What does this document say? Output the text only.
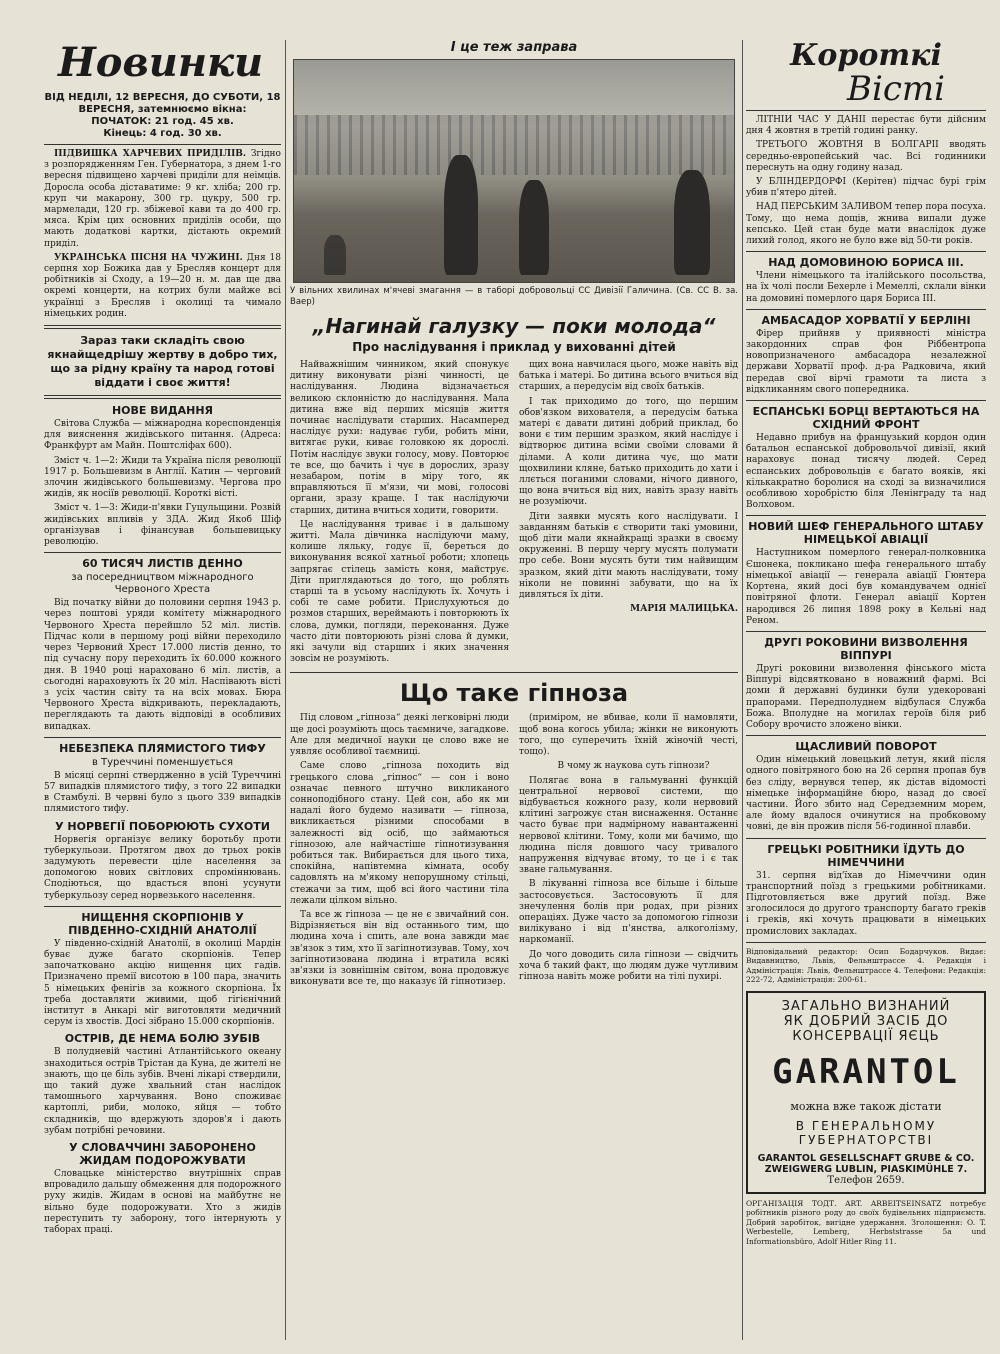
Новинки
ВІД НЕДІЛІ, 12 ВЕРЕСНЯ, ДО СУБОТИ, 18 ВЕРЕСНЯ, затемнюємо вікна:
ПОЧАТОК: 21 год. 45 хв.
Кінець: 4 год. 30 хв.

ПІДВИШКА ХАРЧЕВИХ ПРИДІЛІВ. Згідно з розпорядженням Ген. Губернатора, з днем 1-го вересня підвищено харчеві приділи для неімців. Дорослa особа діставатиме: 9 кг. хліба; 200 гр. круп чи макарону, 300 гр. цукру, 500 гр. мармелади, 120 гр. збіжевої кави та до 400 гр. мяса. Крім цих основних приділів особи, що мають додаткові картки, дістають окремий приділ.

УКРАЇНСЬКА ПІСНЯ НА ЧУЖИНІ. Дня 18 серпня хор Божика дав у Бресляв концерт для робітників зі Сходу, а 19—20 н. м. дав ще два окремі концерти, на котрих були майже всі українці з Бресляв і околиці та чимало німецьких родин.

Зараз таки складіть свою якнайщедрішу жертву в добро тих, що за рідну країну та народ готові віддати і своє життя!
НОВЕ ВИДАННЯ

Світова Служба — міжнародна кореспонденція для вияснення жидівського питання. (Адреса: Франкфурт ам Майн. Поштсліфах 600).

Зміст ч. 1—2: Жиди та Україна після революції 1917 р. Большевизм в Англії. Катин — черговий злочин жидівського большевизму. Чергова про жидів, як носіїв революції. Короткі вісті.

Зміст ч. 1—3: Жиди-п'явки Гуцульщини. Розвій жидівських впливів у ЗДА. Жид Якоб Шіф організував і фінансував большевицьку революцію.

60 ТИСЯЧ ЛИСТІВ ДЕННО
за посередництвом міжнародного Червоного Хреста

Від початку війни до половини серпня 1943 р. через поштові уряди комітету міжнародного Червоного Хреста перейшло 52 міл. листів. Підчас коли в першому році війни переходило через Червоний Хрест 17.000 листів денно, то під сучасну пору переходить їх 60.000 кожного дня. В 1940 році нараховано 6 міл. листів, а сьогодні нараховують їх 20 міл. Наспівають вісті з усіх частин світу та на всіх мовах. Бюра Червоного Хреста відкривають, перекладають, переглядають та дають відповіді в особливих випадках.

НЕБЕЗПЕКА ПЛЯМИСТОГО ТИФУ
в Туреччині поменшується

В місяці серпні ствердженно в усій Туреччині 57 випадків плямистого тифу, з того 22 випадки в Стамбулі. В червні було з цього 339 випадків плямистого тифу.

У НОРВЕГІЇ ПОБОРЮЮТЬ СУХОТИ

Норвегія організує велику боротьбу проти туберкульози. Протягом двох до трьох років задумують перевести ціле населення за допомогою нових світлових спроміннювань. Сподіються, що вдасться впоні усунути туберкульозу серед норвезького населення.

НИЩЕННЯ СКОРПІОНІВ У ПІВДЕННО-СХІДНІЙ АНАТОЛІЇ

У південно-східній Анатолії, в околиці Мардін буває дуже багато скорпіонів. Тепер започатковано акцію нищення цих гадів. Призначено премії висотою в 100 пара, значить 5 німецьких фенігів за кожного скорпіона. Їх треба доставляти живими, щоб гігієнічний інститут в Анкарі міг виготовляти медичний серум із хвостів. Досі зібрано 15.000 скорпіонів.

ОСТРІВ, ДЕ НЕМА БОЛЮ ЗУБІВ

В полудневій частині Атлантійського океану знаходиться острів Трістан да Куна, де жителі не знають, що це біль зубів. Вчені лікарі ствердили, що такий дуже хвальний стан наслідок тамошнього харчування. Воно споживає картоплі, риби, молоко, яйця — тобто складників, що вдержують здоров'я і дають зубам потрібні речовини.

У СЛОВАЧЧИНІ ЗАБОРОНЕНО ЖИДАМ ПОДОРОЖУВАТИ

Словацьке міністерство внутрішніх справ впровадило дальшу обмеження для подорожного руху жидів. Жидам в основі на майбутнє не вільно буде подорожувати. Хто з жидів переступить ту заборону, того інтернують у таборах праці.

І це теж заправа
У вільних хвилинах м'ячеві змагання — в таборі добровольці СС Дивізії Галичина. (Св. СС В. за. Ваер)
„Нагинай галузку — поки молода“
Про наслідування і приклад у вихованні дітей

Найважнішим чинником, який спонукує дитину виконувати різні чинності, це наслідування. Людина відзначається великою склонністю до наслідування. Мала дитина вже від перших місяців життя починає наслідувати старших. Насамперед наслідує рухи: надуває губи, робить міни, витягає руки, киває головкою як дорослі. Потім наслідує звуки голосу, мову. Повторює те все, що бачить і чує в дорослих, зразу незабаром, потім в міру того, як вправляються її м'язи, чи мові, голосові органи, зразу краще. І так наслідуючи старших, дитина вчиться ходити, говорити.

Це наслідування триває і в дальшому житті. Мала дівчинка наслідуючи маму, колише ляльку, годує її, береться до виконування всякої хатньої роботи; хлопець запрягає стілець замість коня, майструє. Діти приглядаються до того, що роблять старші та в усьому наслідують їх. Хочуть і собі те саме робити. Прислухуються до розмов старших, вереймають і повторюють їх слова, думки, погляди, переконання. Дуже часто діти повторюють різні слова й думки, які зачули від старших і яких значення зовсім не розуміють.

щих вона навчилася цього, може навіть від батька і матері. Бо дитина всього вчиться від старших, а передусім від своїх батьків.

І так приходимо до того, що першим обов'язком вихователя, а передусім батька матері є давати дитині добрий приклад, бо вони є тим першим зразком, який наслідує і відтворює дитина всіми своїми словами й ділами. А коли дитина чує, що мати щохвилини кляне, батько приходить до хати і ллється поганими словами, нічого дивного, що вона вчиться від них, навіть зразу навіть не розуміючи.

Діти заявки мусять кого наслідувати. І завданням батьків є створити такі умовини, щоб діти мали якнайкращі зразки в своєму окруженні. В першу чергу мусять полумати про себе. Вони мусять бути тим найвищим зразком, який діти мають наслідувати, тому ніколи не повинні забувати, що на їх дивляться їх діти.

МАРІЯ МАЛИЦЬКА.
Що таке гіпноза

Під словом „гіпноза“ деякі легковірні люди ще досі розуміють щось таємниче, загадкове. Але для медичної науки це слово вже не уявляє особливої таємниці.

Саме слово „гіпноза походить від грецького слова „гіпнос“ — сон і воно означає певного штучно викликаного сонноподібного стану. Цей сон, або як ми надалі його будемо називати — гіпноза, викликається різними способами в залежності від осіб, що займаються гіпнозою, але найчастіше гіпнотизування робиться так. Вибирається для цього тиха, спокійна, напівтемна кімната, особу садовлять на м'якому непорушному стільці, стежачи за тим, щоб всі його частини тіла лежали цілком вільно.

Та все ж гіпноза — це не є звичайний сон. Відрізняється він від останнього тим, що людина хоча і спить, але вона завжди має зв'язок з тим, хто її загіпнотизував. Тому, хоч загіпнотизована людина і втратила всякі зв'язки із зовнішнім світом, вона продовжує виконувати все те, що наказує їй гіпнотизер.

(приміром, не вбивае, коли її намовляти, щоб вона когось убила; жінки не виконують того, що суперечить їхній жіночій честі, тощо).

В чому ж наукова суть гіпнози?

Полягає вона в гальмуванні функцій центральної нервової системи, що відбувається кожного разу, коли нервовий клітині загрожує стан виснаження. Останнє часто буває при надмірному навантаженні нервової клітини. Тому, коли ми бачимо, що людина після довшого часу тривалого напруження відчуває втому, то це і є так зване гальмування.

В лікуванні гіпноза все більше і більше застосовується. Застосовують її для знечулення болів при родах, при різних операціях. Дуже часто за допомогою гіпнози вилікувано і від п'янства, алкоголізму, наркоманії.

До чого доводить сила гіпнози — свідчить хоча б такий факт, що людям дуже чутливим гіпноза навіть може робити на тілі пухирі.

Короткі
Вісті

ЛІТНІЙ ЧАС У ДАНІЇ перестає бути дійсним дня 4 жовтня в третій годині ранку.

ТРЕТЬОГО ЖОВТНЯ В БОЛГАРІЇ вводять середньо-европейський час. Всі годинники переснуть на одну годину назад.

У БЛІНДЕРДОРФІ (Керітен) підчас бурі грім убив п'ятеро дітей.

НАД ПЕРСЬКИМ ЗАЛИВОМ тепер пора посуха. Тому, що нема дощів, жнива випали дуже кепсько. Цей стан буде мати внаслідок дуже лихий голод, якого не було вже від 50-ти років.

НАД ДОМОВИНОЮ БОРИСА III.

Члени німецького та італійського посольства, на їх чолі посли Бехерле і Мемеллі, склали вінки на домовині померлого царя Бориса III.

АМБАСАДОР ХОРВАТІЇ У БЕРЛІНІ

Фірер прийняв у приявності міністра закордонних справ фон Ріббентропа новопризначеного амбасадора незалежної держави Хорватії проф. д-ра Радковича, який передав свої вірчі грамоти та листа з відкликанням свого попередника.

ЕСПАНСЬКІ БОРЦІ ВЕРТАЮТЬСЯ НА СХІДНИЙ ФРОНТ

Недавно прибув на французький кордон один батальон еспанської добровольчої дивізії, який нараховує понад тисячу людей. Серед еспанських добровольців є багато вояків, які кількакратно боролися на сході за визначилися особливою хоробрістю біля Ленінграду та над Волховом.

НОВИЙ ШЕФ ГЕНЕРАЛЬНОГО ШТАБУ НІМЕЦЬКОЇ АВІАЦІЇ

Наступником померлого генерал-полковника Єшонека, покликано шефа генерального штабу німецької авіації — генерала авіації Гюнтера Кортена, який досі був командувачем однієї повітряної флоти. Генерал авіації Кортен народився 26 липня 1898 року в Кельні над Реном.

ДРУГІ РОКОВИНИ ВИЗВОЛЕННЯ ВІППУРІ

Другі роковини визволення фінського міста Віппурі відсвятковано в новажний фармі. Всі доми й державні будинки були удекоровані прапорами. Передполуднем відбулася Служба Божа. Вполудне на могилах героїв біля риб Собору врочисто зложено вінки.

ЩАСЛИВИЙ ПОВОРОТ

Один німецький ловецький летун, який після одного повітряного бою на 26 серпня пропав був без сліду, вернувся тепер, як дістав відомості німецьке інформаційне бюро, назад до своєї частини. Його збито над Середземним морем, але йому вдалося очинутися на пробковому човні, де він прожив після 56-годинної плавби.

ГРЕЦЬКІ РОБІТНИКИ ЇДУТЬ ДО НІМЕЧЧИНИ

31. серпня від'їхав до Німеччини один транспортний поїзд з грецькими робітниками. Підготовляється вже другий поїзд. Вже зголосилося до другого транспорту багато греків і греків, які хочуть працювати в німецьких промислових закладах.

Відповідальний редактор: Осип Бодарчуков. Видає: Видавництво, Львів, Фельнштрассе 4. Редакція і Адміністрація: Львів, Фельнштрассе 4. Телефони: Редакція: 222-72, Адміністрація: 200-61.
ЗАГАЛЬНО ВИЗНАНИЙ
ЯК ДОБРИЙ ЗАСІБ ДО
КОНСЕРВАЦІЇ ЯЄЦЬ
GARANTOL
можна вже також дістати
В ГЕНЕРАЛЬНОМУ
ГУБЕРНАТОРСТВІ
GARANTOL GESELLSCHAFT GRUBE & CO.
ZWEIGWERG LUBLIN, PIASKIMÜHLE 7.
Телефон 2659.
ОРГАНІЗАЦІЯ ТОДТ. ART. ARBEITSEINSATZ потребує робітників різного роду до своїх будівельних підприємств. Добрий заробіток, вигідне удержання. Зголошення: O. T. Werbestelle, Lemberg, Herbststrasse 5a und Informationsbüro, Adolf Hitler Ring 11.
